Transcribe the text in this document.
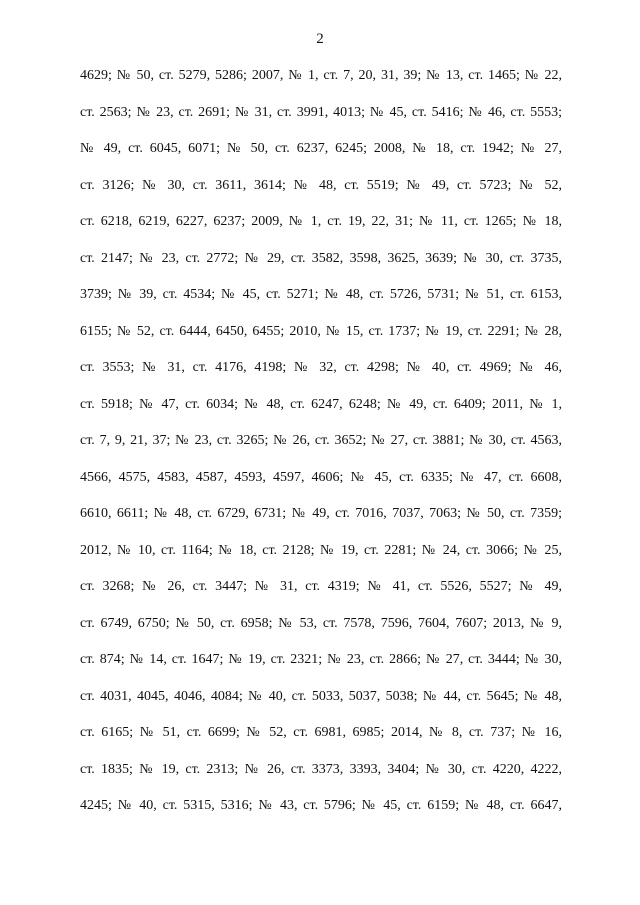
2
4629; № 50, ст. 5279, 5286; 2007, № 1, ст. 7, 20, 31, 39; № 13, ст. 1465; № 22,
ст. 2563; № 23, ст. 2691; № 31, ст. 3991, 4013; № 45, ст. 5416; № 46, ст. 5553;
№ 49, ст. 6045, 6071; № 50, ст. 6237, 6245; 2008, № 18, ст. 1942; № 27,
ст. 3126; № 30, ст. 3611, 3614; № 48, ст. 5519; № 49, ст. 5723; № 52,
ст. 6218, 6219, 6227, 6237; 2009, № 1, ст. 19, 22, 31; № 11, ст. 1265; № 18,
ст. 2147; № 23, ст. 2772; № 29, ст. 3582, 3598, 3625, 3639; № 30, ст. 3735,
3739; № 39, ст. 4534; № 45, ст. 5271; № 48, ст. 5726, 5731; № 51, ст. 6153,
6155; № 52, ст. 6444, 6450, 6455; 2010, № 15, ст. 1737; № 19, ст. 2291; № 28,
ст. 3553; № 31, ст. 4176, 4198; № 32, ст. 4298; № 40, ст. 4969; № 46,
ст. 5918; № 47, ст. 6034; № 48, ст. 6247, 6248; № 49, ст. 6409; 2011, № 1,
ст. 7, 9, 21, 37; № 23, ст. 3265; № 26, ст. 3652; № 27, ст. 3881; № 30, ст. 4563,
4566, 4575, 4583, 4587, 4593, 4597, 4606; № 45, ст. 6335; № 47, ст. 6608,
6610, 6611; № 48, ст. 6729, 6731; № 49, ст. 7016, 7037, 7063; № 50, ст. 7359;
2012, № 10, ст. 1164; № 18, ст. 2128; № 19, ст. 2281; № 24, ст. 3066; № 25,
ст. 3268; № 26, ст. 3447; № 31, ст. 4319; № 41, ст. 5526, 5527; № 49,
ст. 6749, 6750; № 50, ст. 6958; № 53, ст. 7578, 7596, 7604, 7607; 2013, № 9,
ст. 874; № 14, ст. 1647; № 19, ст. 2321; № 23, ст. 2866; № 27, ст. 3444; № 30,
ст. 4031, 4045, 4046, 4084; № 40, ст. 5033, 5037, 5038; № 44, ст. 5645; № 48,
ст. 6165; № 51, ст. 6699; № 52, ст. 6981, 6985; 2014, № 8, ст. 737; № 16,
ст. 1835; № 19, ст. 2313; № 26, ст. 3373, 3393, 3404; № 30, ст. 4220, 4222,
4245; № 40, ст. 5315, 5316; № 43, ст. 5796; № 45, ст. 6159; № 48, ст. 6647,
